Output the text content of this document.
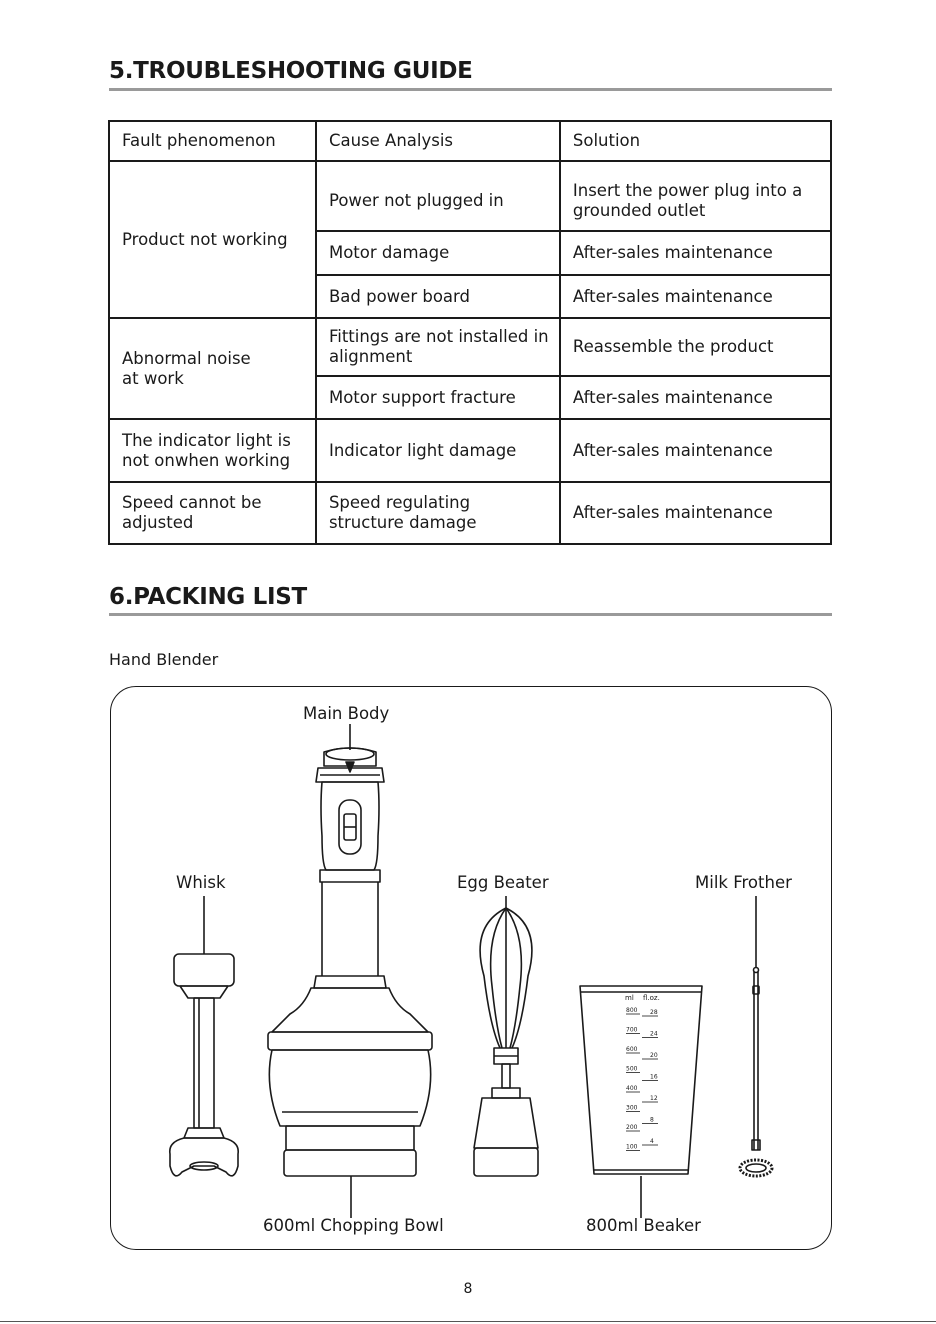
5.TROUBLESHOOTING GUIDE
Fault phenomenon	Cause Analysis	Solution
Product not working	Power not plugged in	Insert the power plug into a grounded outlet
	Motor damage	After-sales maintenance
	Bad power board	After-sales maintenance

Abnormal noise at work	Fittings are not installed in alignment	Reassemble the product
	Motor support fracture	After-sales maintenance

The indicator light is not onwhen working	Indicator light damage	After-sales maintenance

Speed cannot be adjusted	Speed regulating structure damage	After-sales maintenance
6.PACKING LIST
Hand Blender
ml fl.oz.
800
700
600
500
400
300
200
100
28
24
20
16
12
8
4
Main Body
Whisk	Egg Beater	Milk Frother
600ml Chopping Bowl	800ml Beaker
8
